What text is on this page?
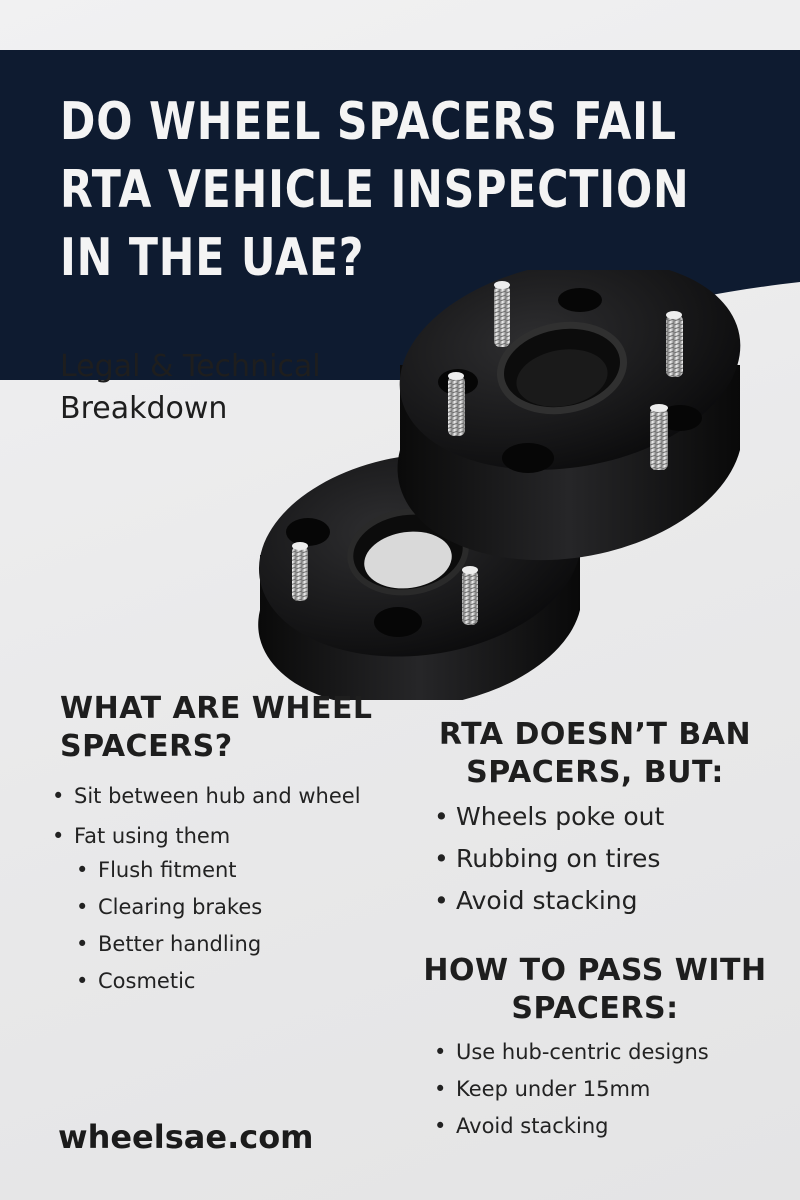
DO WHEEL SPACERS FAIL
RTA VEHICLE INSPECTION
IN THE UAE?

Legal & Technical Breakdown

WHAT ARE WHEEL SPACERS?
• Sit between hub and wheel
• Fat using them
• Flush fitment
• Clearing brakes
• Better handling
• Cosmetic
RTA DOESN’T BAN SPACERS, BUT:
• Wheels poke out
• Rubbing on tires
• Avoid stacking
HOW TO PASS WITH SPACERS:
• Use hub-centric designs
• Keep under 15mm
• Avoid stacking

wheelsae.com
